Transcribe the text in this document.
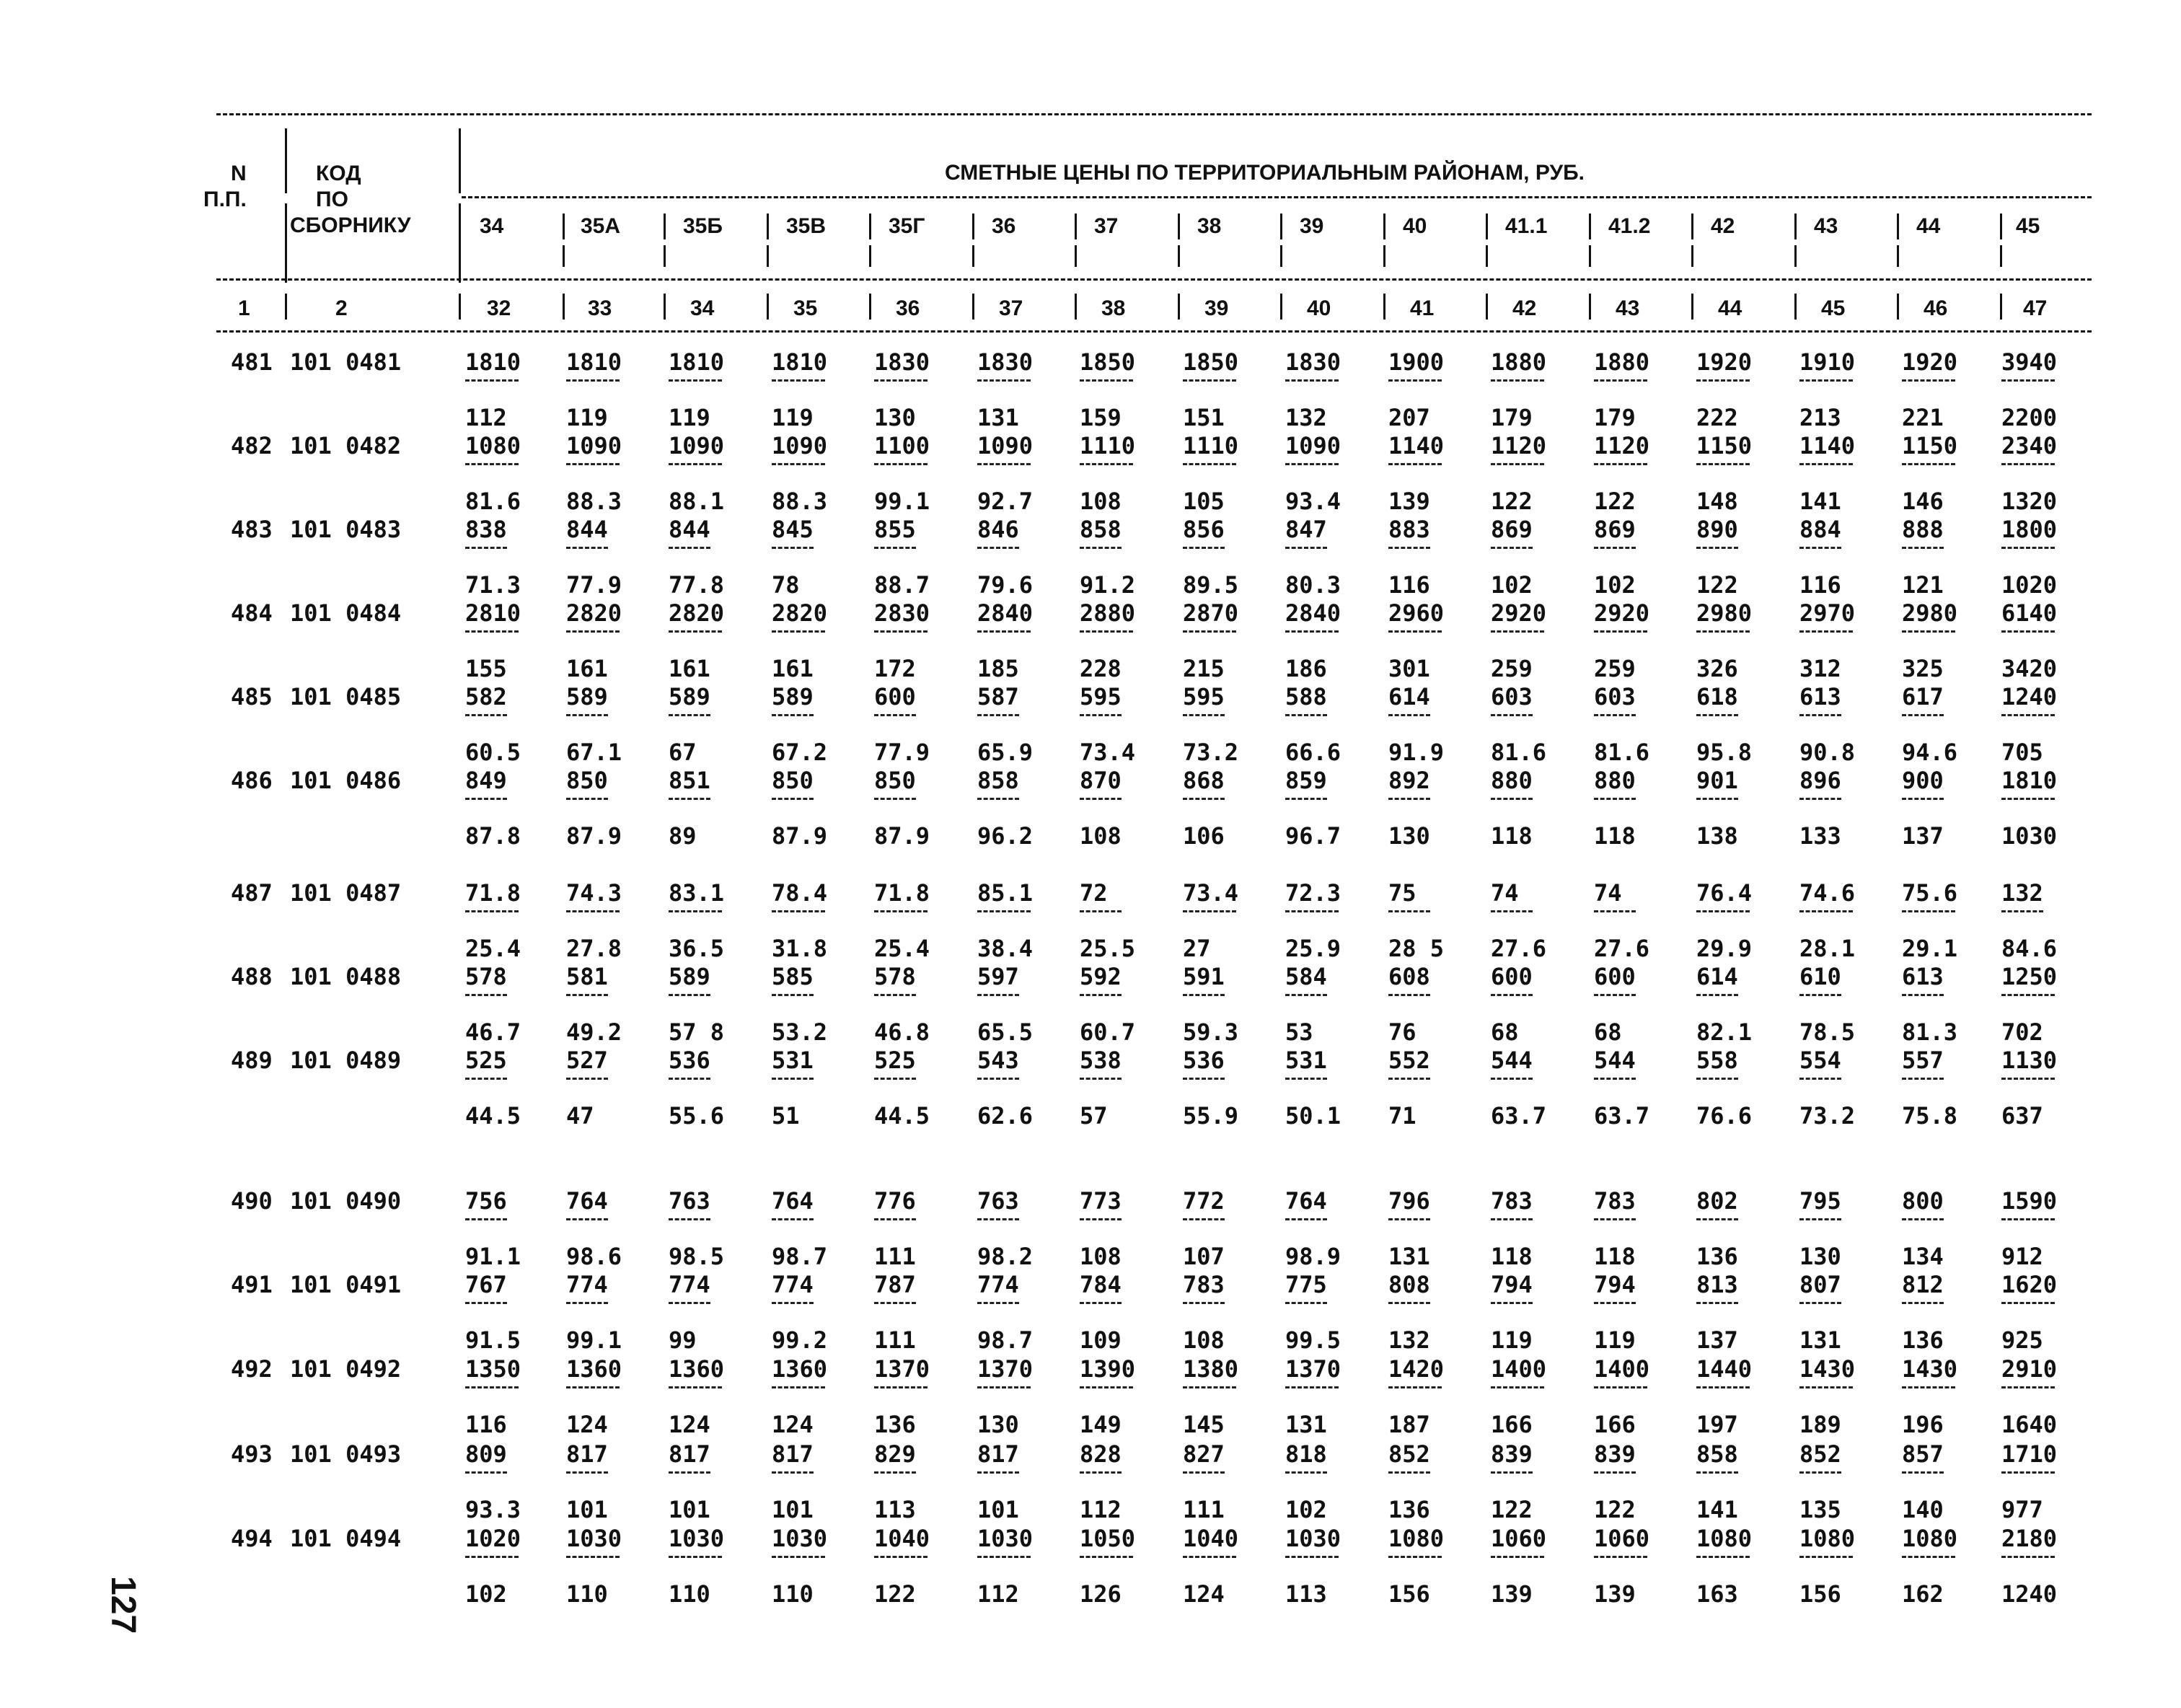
N
П.П.
КОД
ПО
СБОРНИКУ
СМЕТНЫЕ ЦЕНЫ ПО ТЕРРИТОРИАЛЬНЫМ РАЙОНАМ, РУБ.
34	35А	35Б	35В	35Г	36	37	38	39	40	41.1	41.2	42	43	44	45
1	2	32	33	34	35	36	37	38	39	40	41	42	43	44	45	46	47
481 101 0481	1810 1810 1810 1810 1830 1830 1850 1850 1830 1900 1880 1880 1920 1910 1920 3940
112	119	119	119	130	131	159	151	132	207	179	179	222	213	221	2200
482 101 0482	1080 1090 1090 1090 1100 1090 1110 1110 1090 1140 1120 1120 1150 1140 1150 2340
81.6 88.3 88.1 88.3 99.1 92.7 108	105	93.4 139	122	122	148	141	146	1320
483 101 0483	838	844	844	845	855	846	858	856	847	883	869	869	890	884	888	1800
71.3 77.9 77.8 78	88.7 79.6 91.2 89.5 80.3 116	102	102	122	116	121	1020
484 101 0484	2810 2820 2820 2820 2830 2840 2880 2870 2840 2960 2920 2920 2980 2970 2980 6140
155	161	161	161	172	185	228	215	186	301	259	259	326	312	325	3420
485 101 0485	582	589	589	589	600	587	595	595	588	614	603	603	618	613	617	1240
60.5 67.1 67	67.2 77.9 65.9 73.4 73.2 66.6 91.9 81.6 81.6 95.8 90.8 94.6 705
486 101 0486	849	850	851	850	850	858	870	868	859	892	880	880	901	896	900	1810
87.8 87.9 89	87.9 87.9 96.2 108	106	96.7 130	118	118	138	133	137	1030
487 101 0487	71.8 74.3 83.1 78.4 71.8 85.1 72	73.4 72.3 75	74	74	76.4 74.6 75.6 132
25.4 27.8 36.5 31.8 25.4 38.4 25.5 27	25.9 28 5 27.6 27.6 29.9 28.1 29.1 84.6
488 101 0488	578	581	589	585	578	597	592	591	584	608	600	600	614	610	613	1250
46.7 49.2 57 8 53.2 46.8 65.5 60.7 59.3 53	76	68	68	82.1 78.5 81.3 702
489 101 0489	525	527	536	531	525	543	538	536	531	552	544	544	558	554	557	1130
44.5 47	55.6 51	44.5 62.6 57	55.9 50.1 71	63.7 63.7 76.6 73.2 75.8 637
490 101 0490	756	764	763	764	776	763	773	772	764	796	783	783	802	795	800	1590
91.1 98.6 98.5 98.7 111	98.2 108	107	98.9 131	118	118	136	130	134	912
491 101 0491	767	774	774	774	787	774	784	783	775	808	794	794	813	807	812	1620
91.5 99.1 99	99.2 111	98.7 109	108	99.5 132	119	119	137	131	136	925
492 101 0492	1350 1360 1360 1360 1370 1370 1390 1380 1370 1420 1400 1400 1440 1430 1430 2910
116	124	124	124	136	130	149	145	131	187	166	166	197	189	196	1640
493 101 0493	809	817	817	817	829	817	828	827	818	852	839	839	858	852	857	1710
93.3 101	101	101	113	101	112	111	102	136	122	122	141	135	140	977
494 101 0494	1020 1030 1030 1030 1040 1030 1050 1040 1030 1080 1060 1060 1080 1080 1080 2180
102	110	110	110	122	112	126	124	113	156	139	139	163	156	162	1240
127
